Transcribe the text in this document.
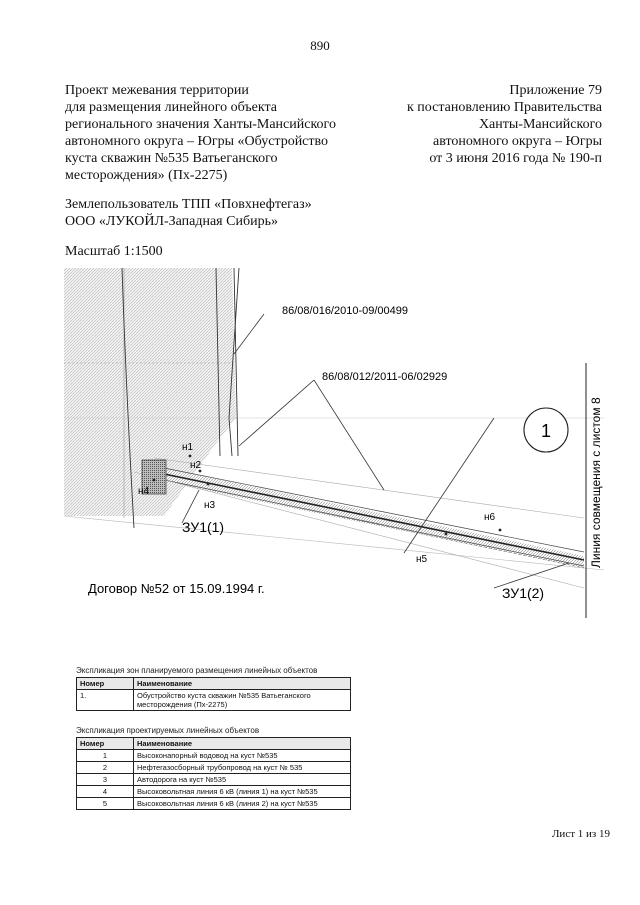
890
Проект межевания территории
для размещения линейного объекта
регионального значения Ханты-Мансийского
автономного округа – Югры «Обустройство
куста скважин №535 Ватьеганского
месторождения» (Пх-2275)
Приложение 79
к постановлению Правительства
Ханты-Мансийского
автономного округа – Югры
от 3 июня 2016 года № 190-п
Землепользователь ТПП «Повхнефтегаз»
ООО «ЛУКОЙЛ-Западная Сибирь»
Масштаб 1:1500
86/08/016/2010-09/00499
86/08/012/2011-06/02929
н1
н2
н3
н4
н5
н6
ЗУ1(1)
ЗУ1(2)
Договор №52 от 15.09.1994 г.
1	Линия совмещения с листом 8
Экспликация зон планируемого размещения линейных объектов
Номер	Наименование
1.	Обустройство куста скважин №535 Ватьеганского месторождения (Пх-2275)
Экспликация проектируемых линейных объектов
Номер	Наименование
1	Высоконапорный водовод на куст №535
2	Нефтегазосборный трубопровод на куст № 535
3	Автодорога на куст №535
4	Высоковольтная линия 6 кВ (линия 1) на куст №535
5	Высоковольтная линия 6 кВ (линия 2) на куст №535
Лист 1 из 19
